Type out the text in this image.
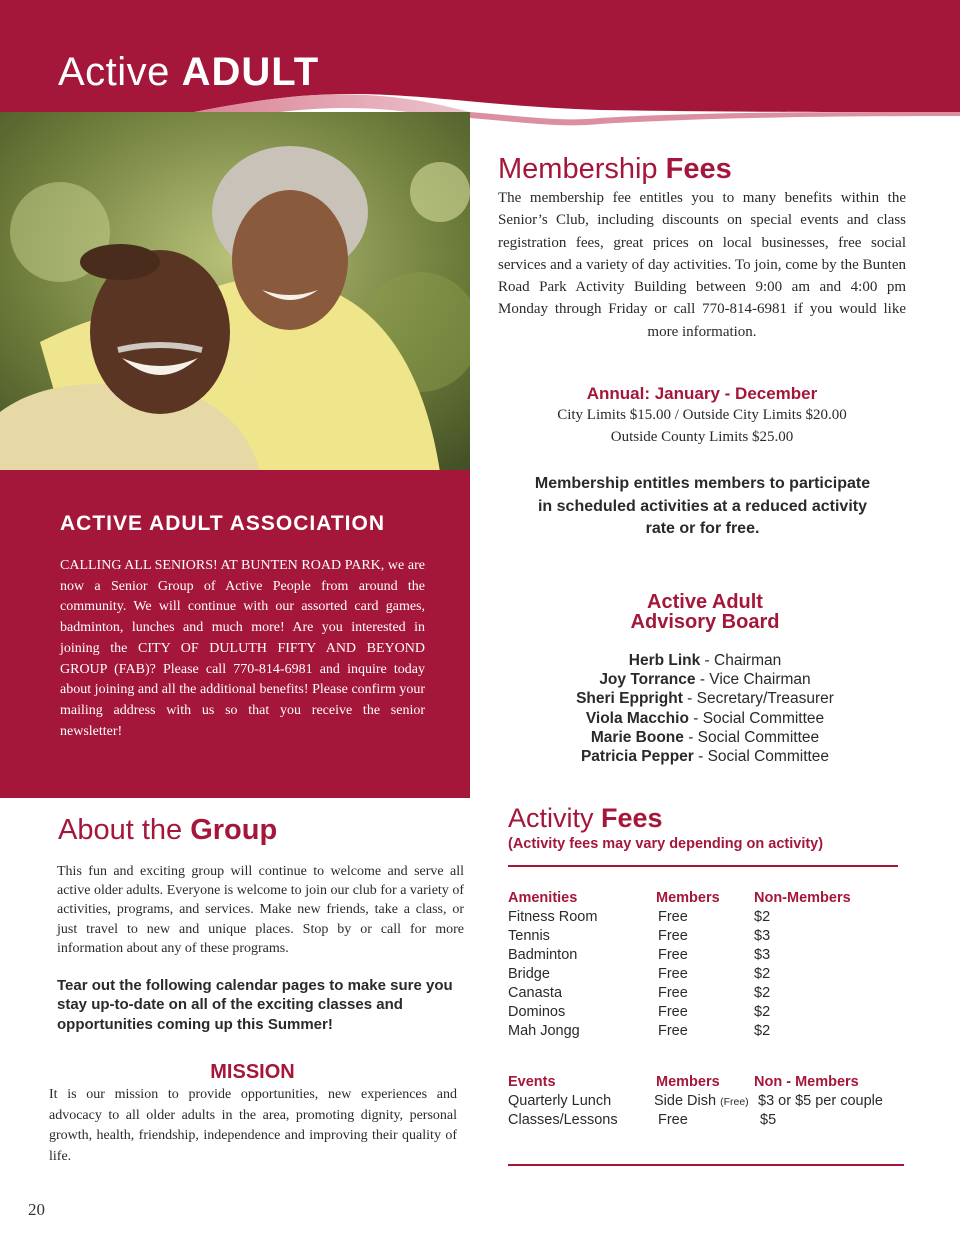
Active ADULT
ACTIVE ADULT ASSOCIATION
CALLING ALL SENIORS! AT BUNTEN ROAD PARK, we are now a Senior Group of Active People from around the community. We will continue with our assorted card games, badminton, lunches and much more! Are you interested in joining the CITY OF DULUTH FIFTY AND BEYOND GROUP (FAB)? Please call 770-814-6981 and inquire today about joining and all the additional benefits! Please confirm your mailing address with us so that you receive the senior newsletter!
Membership Fees
The membership fee entitles you to many benefits within the Senior’s Club, including discounts on special events and class registration fees, great prices on local businesses, free social services and a variety of day activities. To join, come by the Bunten Road Park Activity Building between 9:00 am and 4:00 pm Monday through Friday or call 770-814-6981 if you would like more information.
Annual: January - December
City Limits $15.00 / Outside City Limits $20.00
Outside County Limits $25.00
Membership entitles members to participate in scheduled activities at a reduced activity rate or for free.
Active Adult
Advisory Board
Herb Link - Chairman
Joy Torrance - Vice Chairman
Sheri Eppright - Secretary/Treasurer
Viola Macchio - Social Committee
Marie Boone - Social Committee
Patricia Pepper - Social Committee
About the Group
This fun and exciting group will continue to welcome and serve all active older adults. Everyone is welcome to join our club for a variety of activities, programs, and services. Make new friends, take a class, or just travel to new and unique places. Stop by or call for more information about any of these programs.
Tear out the following calendar pages to make sure you stay up-to-date on all of the exciting classes and opportunities coming up this Summer!
MISSION
It is our mission to provide opportunities, new experiences and advocacy to all older adults in the area, promoting dignity, personal growth, health, friendship, independence and improving their quality of life.
Activity Fees
(Activity fees may vary depending on activity)
Amenities	Members Non-Members
Fitness Room	Free	$2
Tennis	Free	$3
Badminton	Free	$3
Bridge	Free	$2
Canasta	Free	$2
Dominos	Free	$2
Mah Jongg	Free	$2
Events	Members Non - Members
Quarterly Lunch	Side Dish (Free) $3 or $5 per couple
Classes/Lessons	Free	$5
20
